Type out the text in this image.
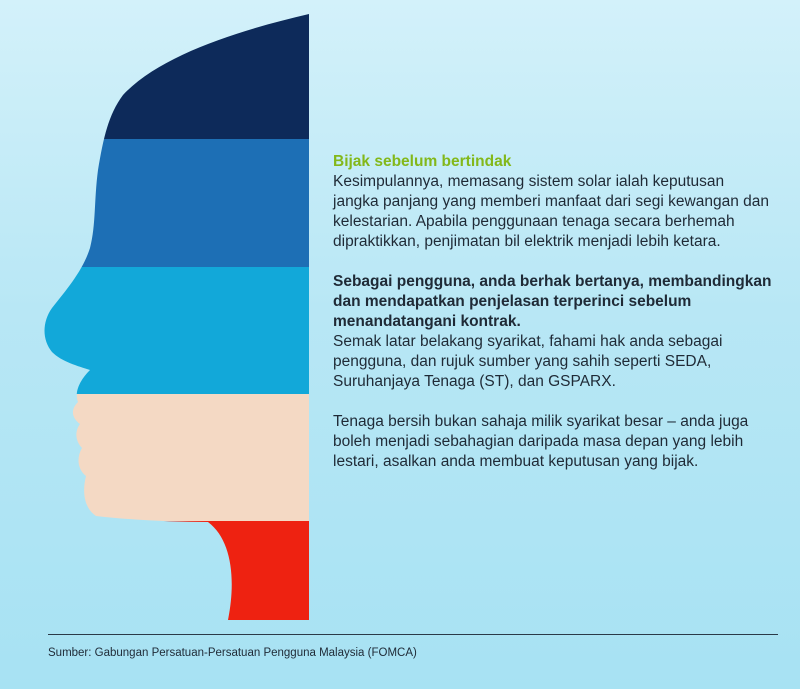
Bijak sebelum bertindak
Kesimpulannya, memasang sistem solar ialah keputusan jangka panjang yang memberi manfaat dari segi kewangan dan kelestarian. Apabila penggunaan tenaga secara berhemah dipraktikkan, penjimatan bil elektrik menjadi lebih ketara.
Sebagai pengguna, anda berhak bertanya, membandingkan dan mendapatkan penjelasan terperinci sebelum menandatangani kontrak.
Semak latar belakang syarikat, fahami hak anda sebagai pengguna, dan rujuk sumber yang sahih seperti SEDA, Suruhanjaya Tenaga (ST), dan GSPARX.
Tenaga bersih bukan sahaja milik syarikat besar – anda juga boleh menjadi sebahagian daripada masa depan yang lebih lestari, asalkan anda membuat keputusan yang bijak.
Sumber: Gabungan Persatuan-Persatuan Pengguna Malaysia (FOMCA)
